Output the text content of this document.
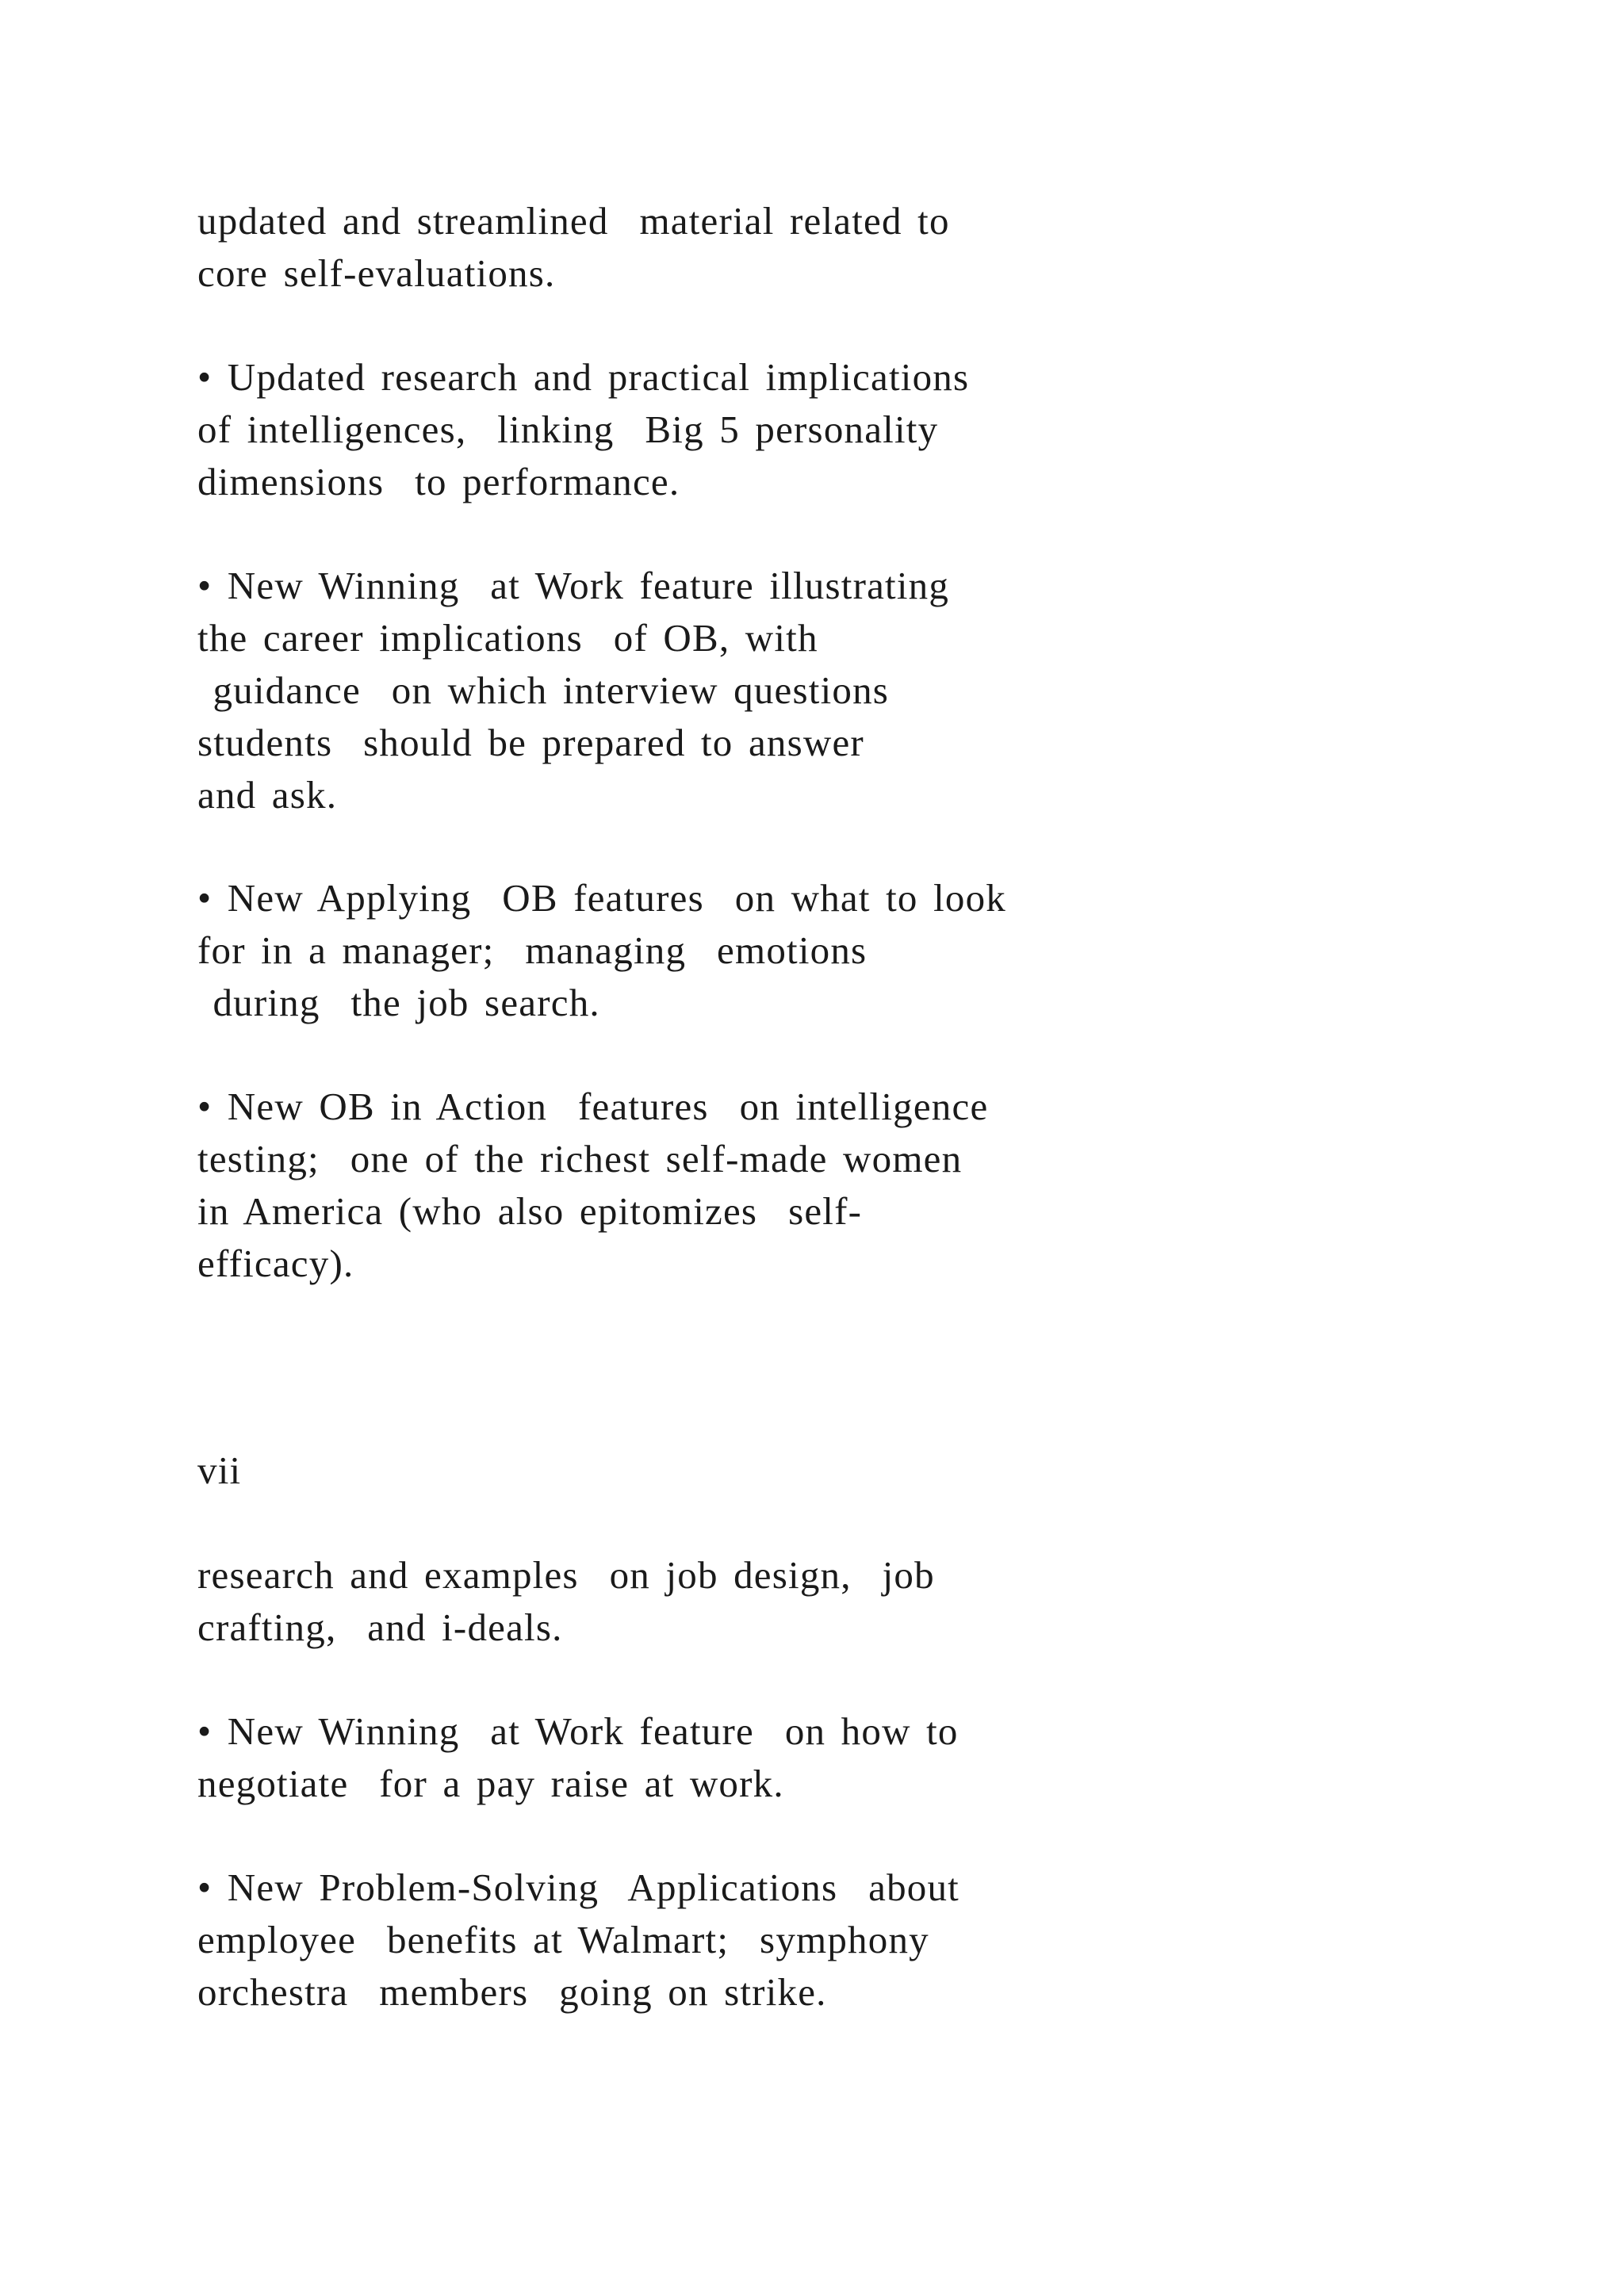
updated and streamlined  material related to
core self-evaluations.
• Updated research and practical implications
of intelligences,  linking  Big 5 personality
dimensions  to performance.
• New Winning  at Work feature illustrating
the career implications  of OB, with
guidance  on which interview questions
students  should be prepared to answer
and ask.
• New Applying  OB features  on what to look
for in a manager;  managing  emotions
during  the job search.
• New OB in Action  features  on intelligence
testing;  one of the richest self-made women
in America (who also epitomizes  self-
efficacy).
vii
research and examples  on job design,  job
crafting,  and i-deals.
• New Winning  at Work feature  on how to
negotiate  for a pay raise at work.
• New Problem-Solving  Applications  about
employee  benefits at Walmart;  symphony
orchestra  members  going on strike.
